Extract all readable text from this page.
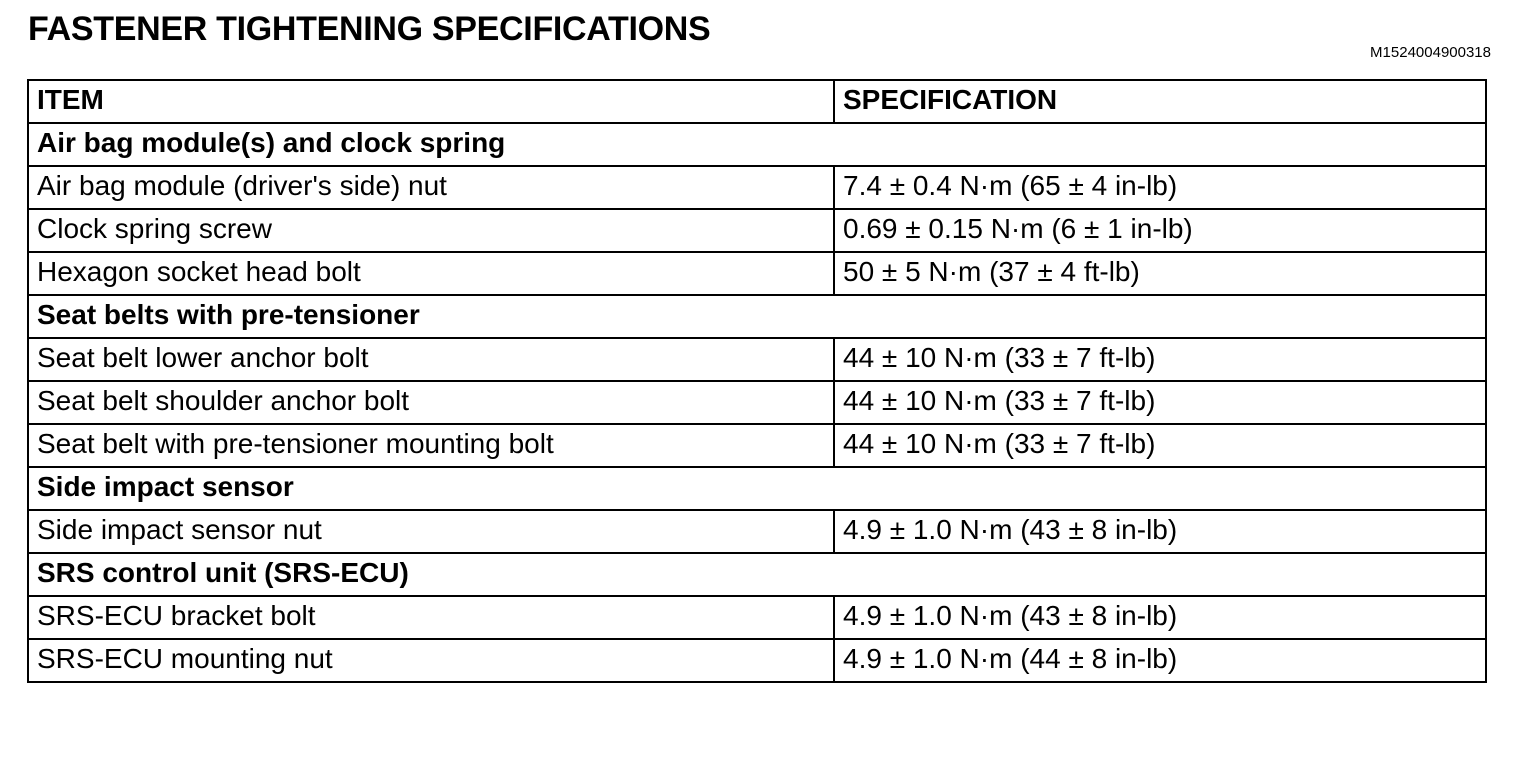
FASTENER TIGHTENING SPECIFICATIONS
M1524004900318
ITEM	SPECIFICATION
Air bag module(s) and clock spring	
Air bag module (driver's side) nut	7.4 ± 0.4 N·m (65 ± 4 in-lb)
Clock spring screw	0.69 ± 0.15 N·m (6 ± 1 in-lb)
Hexagon socket head bolt	50 ± 5 N·m (37 ± 4 ft-lb)
Seat belts with pre-tensioner	
Seat belt lower anchor bolt	44 ± 10 N·m (33 ± 7 ft-lb)
Seat belt shoulder anchor bolt	44 ± 10 N·m (33 ± 7 ft-lb)
Seat belt with pre-tensioner mounting bolt	44 ± 10 N·m (33 ± 7 ft-lb)
Side impact sensor	
Side impact sensor nut	4.9 ± 1.0 N·m (43 ± 8 in-lb)
SRS control unit (SRS-ECU)	
SRS-ECU bracket bolt	4.9 ± 1.0 N·m (43 ± 8 in-lb)
SRS-ECU mounting nut	4.9 ± 1.0 N·m (44 ± 8 in-lb)
